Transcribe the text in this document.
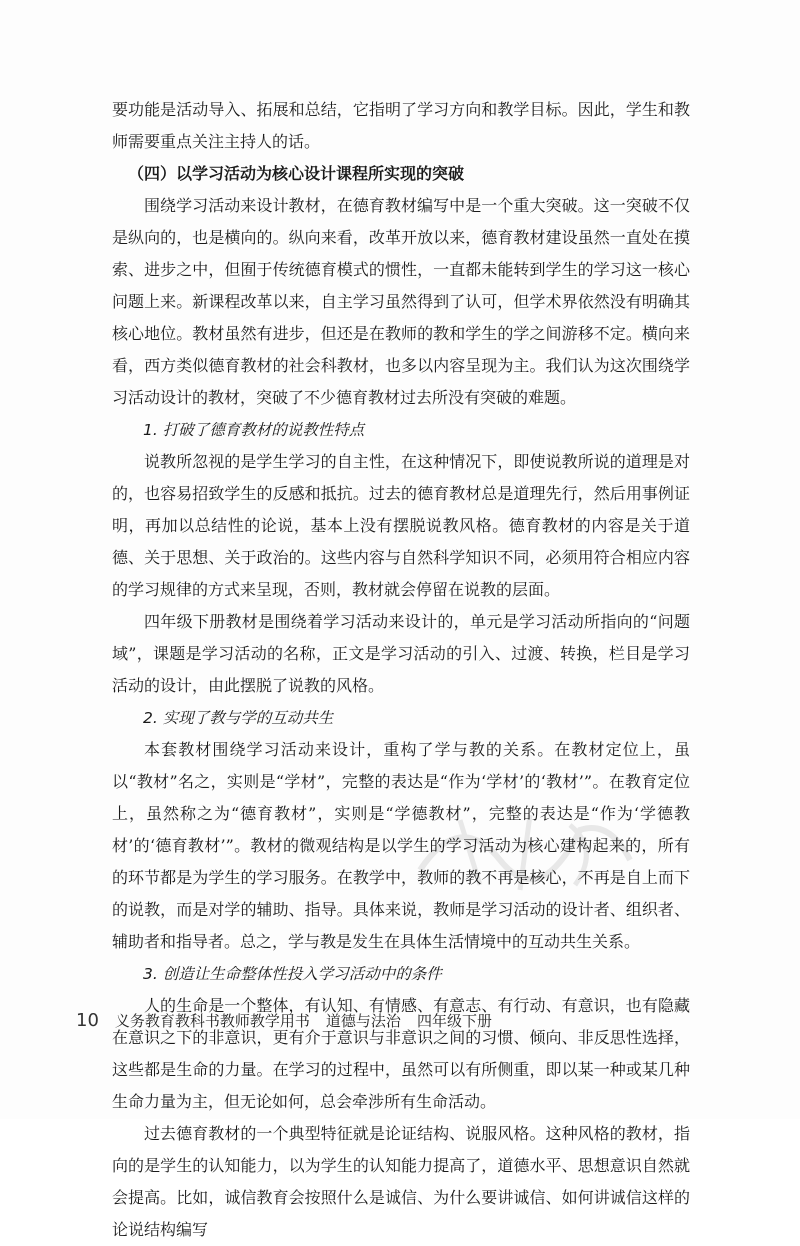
要功能是活动导入、拓展和总结，它指明了学习方向和教学目标。因此，学生和教师需要重点关注主持人的话。

（四）以学习活动为核心设计课程所实现的突破

围绕学习活动来设计教材，在德育教材编写中是一个重大突破。这一突破不仅是纵向的，也是横向的。纵向来看，改革开放以来，德育教材建设虽然一直处在摸索、进步之中，但囿于传统德育模式的惯性，一直都未能转到学生的学习这一核心问题上来。新课程改革以来，自主学习虽然得到了认可，但学术界依然没有明确其核心地位。教材虽然有进步，但还是在教师的教和学生的学之间游移不定。横向来看，西方类似德育教材的社会科教材，也多以内容呈现为主。我们认为这次围绕学习活动设计的教材，突破了不少德育教材过去所没有突破的难题。

1. 打破了德育教材的说教性特点

说教所忽视的是学生学习的自主性，在这种情况下，即使说教所说的道理是对的，也容易招致学生的反感和抵抗。过去的德育教材总是道理先行，然后用事例证明，再加以总结性的论说，基本上没有摆脱说教风格。德育教材的内容是关于道德、关于思想、关于政治的。这些内容与自然科学知识不同，必须用符合相应内容的学习规律的方式来呈现，否则，教材就会停留在说教的层面。

四年级下册教材是围绕着学习活动来设计的，单元是学习活动所指向的“问题域”，课题是学习活动的名称，正文是学习活动的引入、过渡、转换，栏目是学习活动的设计，由此摆脱了说教的风格。

2. 实现了教与学的互动共生

本套教材围绕学习活动来设计，重构了学与教的关系。在教材定位上，虽以“教材”名之，实则是“学材”，完整的表达是“作为‘学材’的‘教材’”。在教育定位上，虽然称之为“德育教材”，实则是“学德教材”，完整的表达是“作为‘学德教材’的‘德育教材’”。教材的微观结构是以学生的学习活动为核心建构起来的，所有的环节都是为学生的学习服务。在教学中，教师的教不再是核心，不再是自上而下的说教，而是对学的辅助、指导。具体来说，教师是学习活动的设计者、组织者、辅助者和指导者。总之，学与教是发生在具体生活情境中的互动共生关系。

3. 创造让生命整体性投入学习活动中的条件

人的生命是一个整体，有认知、有情感、有意志、有行动、有意识，也有隐藏在意识之下的非意识，更有介于意识与非意识之间的习惯、倾向、非反思性选择，这些都是生命的力量。在学习的过程中，虽然可以有所侧重，即以某一种或某几种生命力量为主，但无论如何，总会牵涉所有生命活动。

过去德育教材的一个典型特征就是论证结构、说服风格。这种风格的教材，指向的是学生的认知能力，以为学生的认知能力提高了，道德水平、思想意识自然就会提高。比如，诚信教育会按照什么是诚信、为什么要讲诚信、如何讲诚信这样的论说结构编写

10 义务教育教科书教师教学用书 道德与法治 四年级下册
